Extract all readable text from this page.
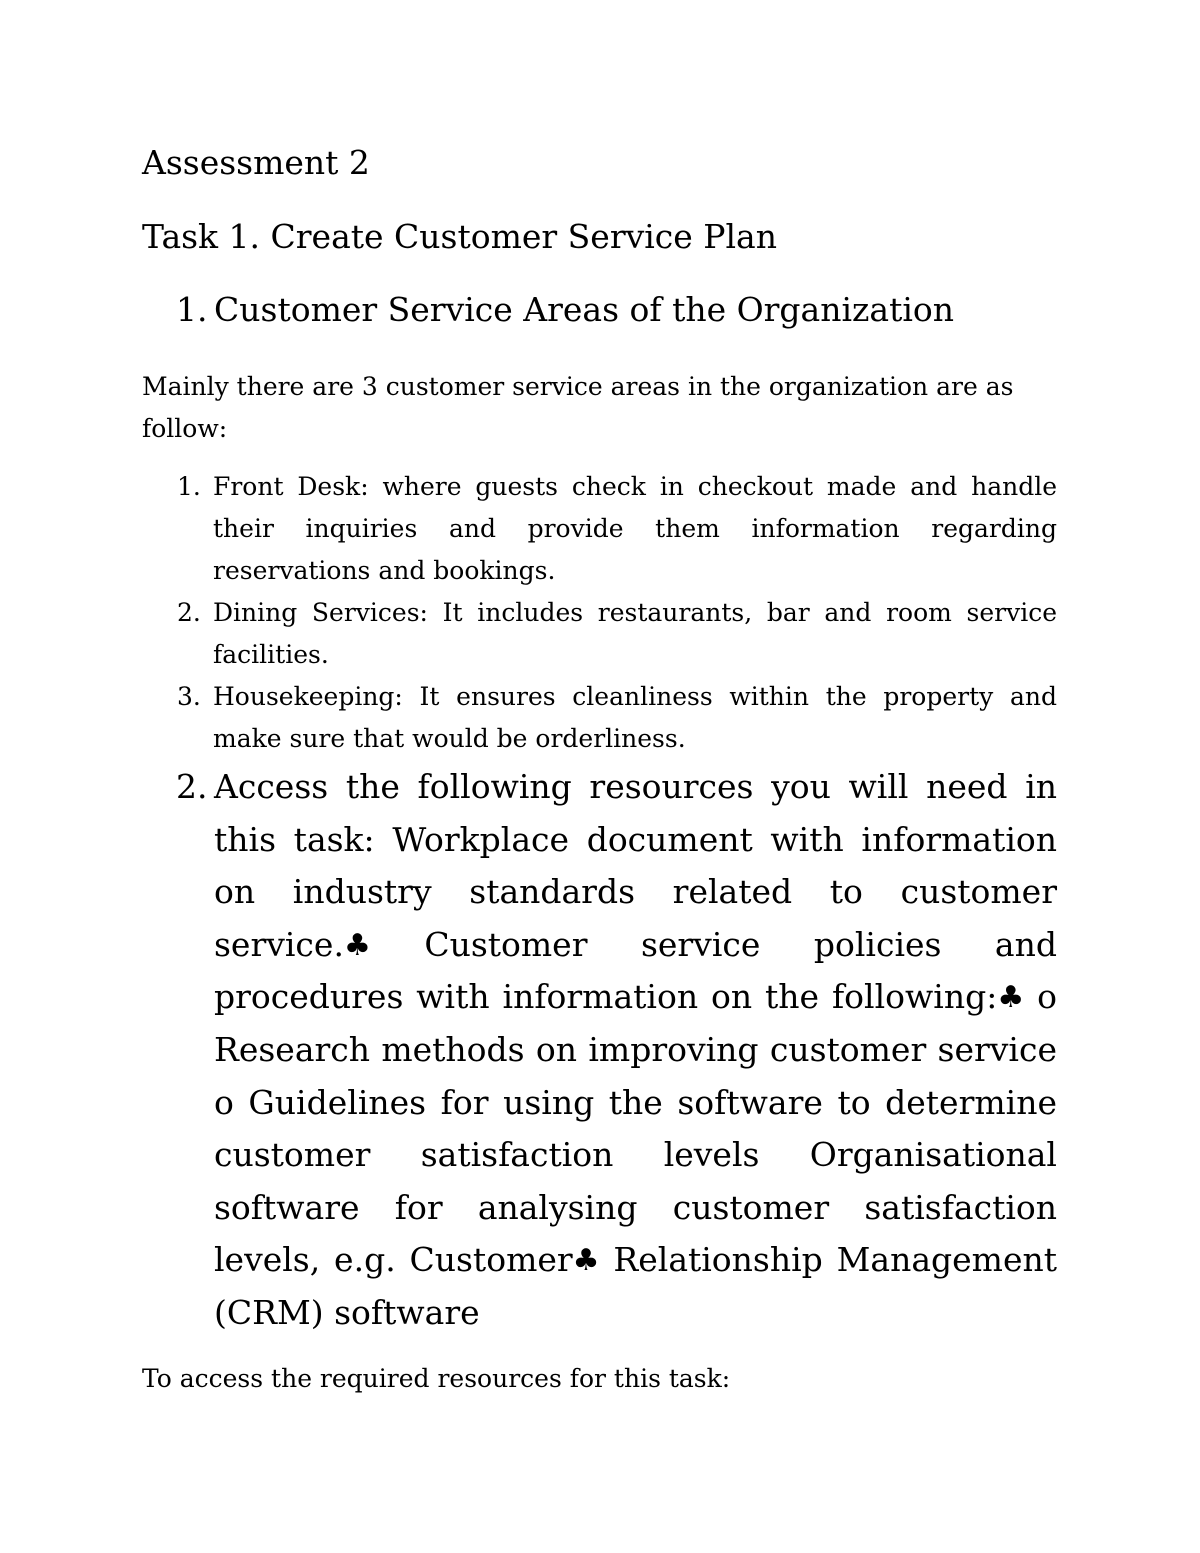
Assessment 2
Task 1. Create Customer Service Plan
1. Customer Service Areas of the Organization
Mainly there are 3 customer service areas in the organization are as follow:
1. Front Desk: where guests check in checkout made and handle their inquiries and provide them information regarding reservations and bookings.
2. Dining Services: It includes restaurants, bar and room service facilities.
3. Housekeeping: It ensures cleanliness within the property and make sure that would be orderliness.
2. Access the following resources you will need in this task: Workplace document with information on industry standards related to customer service.♣ Customer service policies and procedures with information on the following:♣ o Research methods on improving customer service o Guidelines for using the software to determine customer satisfaction levels Organisational software for analysing customer satisfaction levels, e.g. Customer♣ Relationship Management (CRM) software
To access the required resources for this task:
